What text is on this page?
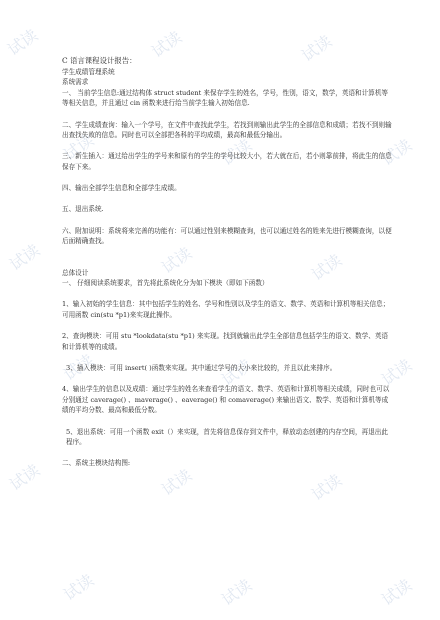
试读	试读	试读
试读	试读	试读
试读	试读	试读
试读	试读	试读
试读	试读	试读
试读	试读	试读

C 语言课程设计报告：

学生成绩管理系统

系统需求

一、 当前学生信息:通过结构体 struct student 来保存学生的姓名，学号，性别，语文，数学，英语和计算机等等相关信息，并且通过 cin 函数来进行给当前学生输入初始信息.

二、学生成绩查询：输入一个学号，在文件中查找此学生，若找到则输出此学生的全部信息和成绩；若找不到则输出查找失败的信息。同时也可以全部把各科的平均成绩，最高和最低分输出。

三、新生插入：通过给出学生的学号来和原有的学生的学号比较大小，若大就在后，若小则靠前排，将此生的信息保存下来。

四、输出全部学生信息和全部学生成绩。

五、退出系统.

六、附加说明：系统将来完善的功能有：可以通过性别来模糊查询，也可以通过姓名的姓来先进行模糊查询，以便后面精确查找。

总体设计

一、 仔细阅读系统要求，首先将此系统化分为如下模块（即如下函数）

1、输入初始的学生信息：其中包括学生的姓名、学号和性别以及学生的语文、数学、英语和计算机等相关信息；可用函数 cin(stu *p1)来实现此操作。

2、查询模块：可用 stu *lookdata(stu *p1) 来实现。找到就输出此学生全部信息包括学生的语文、数学、英语和计算机等的成绩。

3、插入模块：可用 insert( )函数来实现。其中通过学号的大小来比较的，并且以此来排序。

4、输出学生的信息以及成绩：通过学生的姓名来查看学生的语文、数学、英语和计算机等相关成绩，同时也可以分别通过 caverage() 、maverage() 、eaverage() 和 comaverage() 来输出语文、数学、英语和计算机等成绩的平均分数、最高和最低分数。

5、退出系统：可用一个函数 exit（）来实现，首先将信息保存到文件中，释放动态创建的内存空间，再退出此程序。

二、系统主模块结构图:
